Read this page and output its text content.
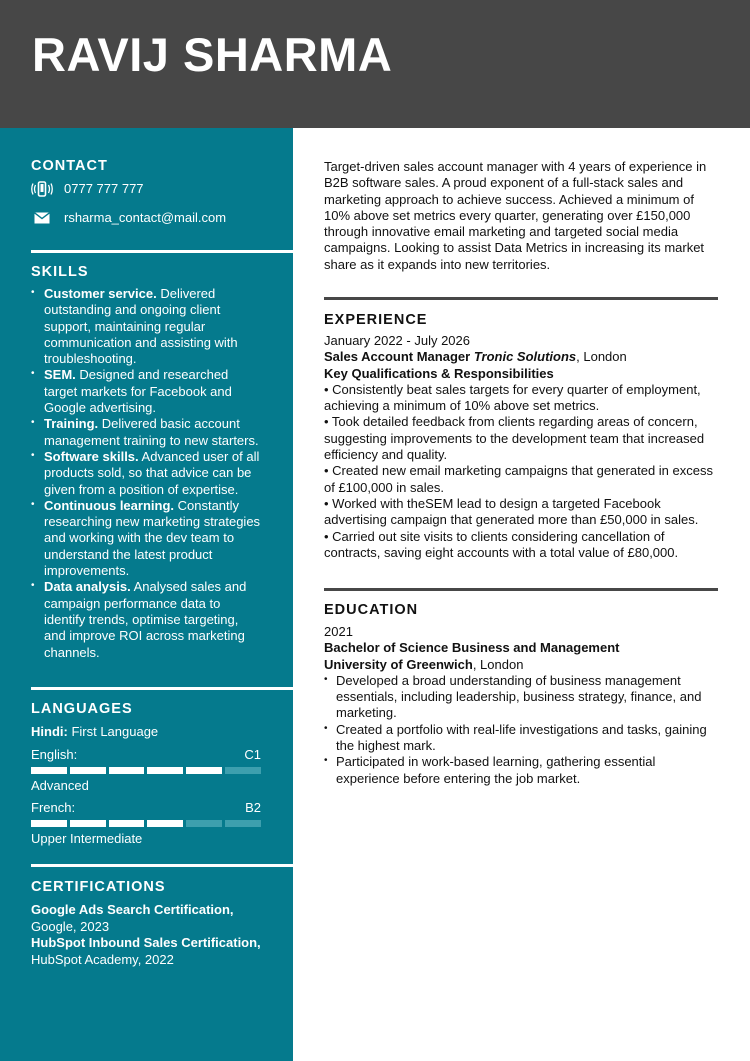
RAVIJ SHARMA
CONTACT
0777 777 777
rsharma_contact@mail.com
SKILLS
• Customer service. Delivered outstanding and ongoing client support, maintaining regular communication and assisting with troubleshooting.
• SEM. Designed and researched target markets for Facebook and Google advertising.
• Training. Delivered basic account management training to new starters.
• Software skills. Advanced user of all products sold, so that advice can be given from a position of expertise.
• Continuous learning. Constantly researching new marketing strategies and working with the dev team to understand the latest product improvements.
• Data analysis. Analysed sales and campaign performance data to identify trends, optimise targeting, and improve ROI across marketing channels.
LANGUAGES
Hindi: First Language
English:	C1
Advanced
French:	B2
Upper Intermediate
CERTIFICATIONS
Google Ads Search Certification,
Google, 2023
HubSpot Inbound Sales Certification,
HubSpot Academy, 2022

Target-driven sales account manager with 4 years of experience in B2B software sales. A proud exponent of a full-stack sales and marketing approach to achieve success. Achieved a minimum of 10% above set metrics every quarter, generating over £150,000 through innovative email marketing and targeted social media campaigns. Looking to assist Data Metrics in increasing its market share as it expands into new territories.

EXPERIENCE
January 2022 - July 2026
Sales Account Manager Tronic Solutions, London
Key Qualifications & Responsibilities
• Consistently beat sales targets for every quarter of employment, achieving a minimum of 10% above set metrics.
• Took detailed feedback from clients regarding areas of concern, suggesting improvements to the development team that increased efficiency and quality.
• Created new email marketing campaigns that generated in excess of £100,000 in sales.
• Worked with theSEM lead to design a targeted Facebook advertising campaign that generated more than £50,000 in sales.
• Carried out site visits to clients considering cancellation of contracts, saving eight accounts with a total value of £80,000.
EDUCATION
2021
Bachelor of Science Business and Management
University of Greenwich, London
• Developed a broad understanding of business management essentials, including leadership, business strategy, finance, and marketing.
• Created a portfolio with real-life investigations and tasks, gaining the highest mark.
• Participated in work-based learning, gathering essential experience before entering the job market.
